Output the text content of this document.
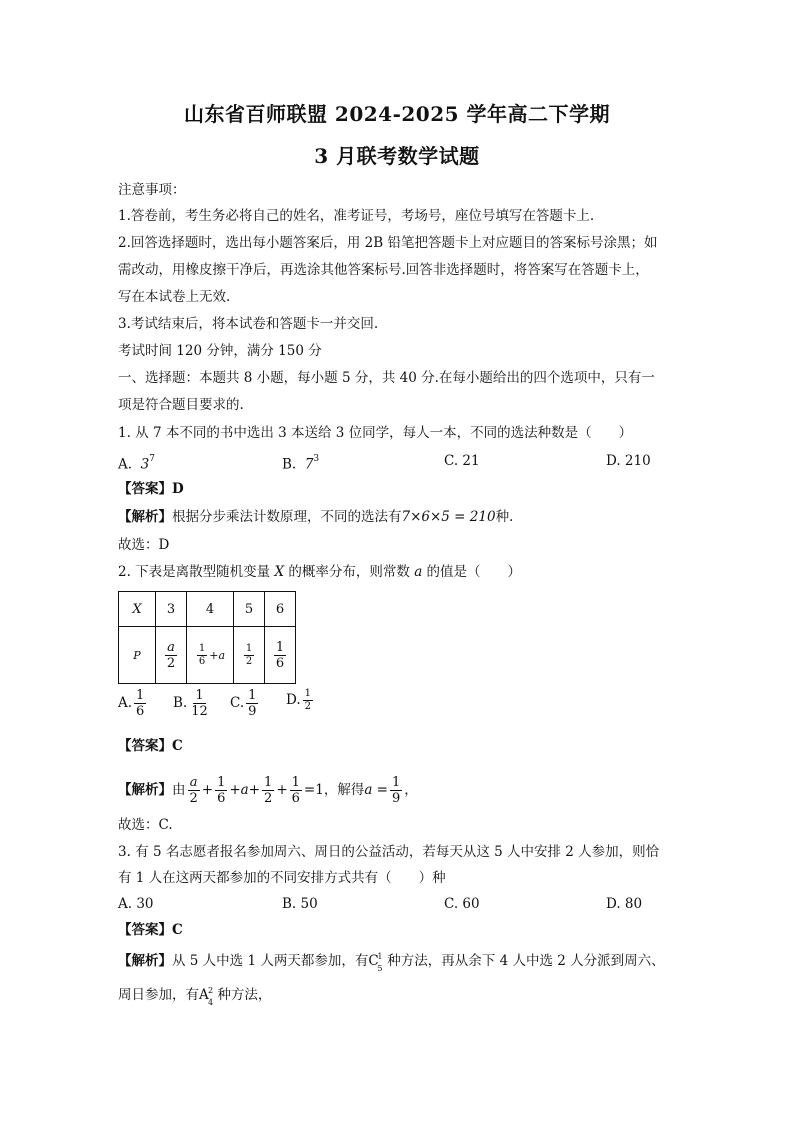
山东省百师联盟 2024-2025 学年高二下学期
3 月联考数学试题
注意事项：
1.答卷前，考生务必将自己的姓名，准考证号，考场号，座位号填写在答题卡上.
2.回答选择题时，选出每小题答案后，用 2B 铅笔把答题卡上对应题目的答案标号涂黑；如
需改动，用橡皮擦干净后，再选涂其他答案标号.回答非选择题时，将答案写在答题卡上，
写在本试卷上无效.
3.考试结束后，将本试卷和答题卡一并交回.
考试时间 120 分钟，满分 150 分
一、选择题：本题共 8 小题，每小题 5 分，共 40 分.在每小题给出的四个选项中，只有一
项是符合题目要求的.
1. 从 7 本不同的书中选出 3 本送给 3 位同学，每人一本，不同的选法种数是（　　）
A. $3^7$	B. $7^3$	C. 21	D. 210
【答案】D
【解析】根据分步乘法计数原理，不同的选法有7×6×5 = 210种.
故选：D
2. 下表是离散型随机变量 X 的概率分布，则常数 a 的值是（　　）
X	3	4	5	6
P	$\frac{a}{2}$	$\frac{1}{6} +a$	$\frac{1}{2}$	$\frac{1}{6}$
A. $\frac{1}{6} B$. $\frac{1}{12} C$. $\frac{1}{9} D$. $\frac{1}{2}$
【答案】C
【解析】由 $\frac{a}{2} + \frac{1}{6} +a+ \frac{1}{2} + \frac{1}{6} =1$，解得$a = \frac{1}{9}$ ，
故选：C.
3. 有 5 名志愿者报名参加周六、周日的公益活动，若每天从这 5 人中安排 2 人参加，则恰
有 1 人在这两天都参加的不同安排方式共有（　　）种
A. 30	B. 50	C. 60	D. 80
【答案】C
【解析】从 5 人中选 1 人两天都参加，有C
1
5 种方法，再从余下 4 人中选 2 人分派到周六、
周日参加，有A 2
4 种方法，
